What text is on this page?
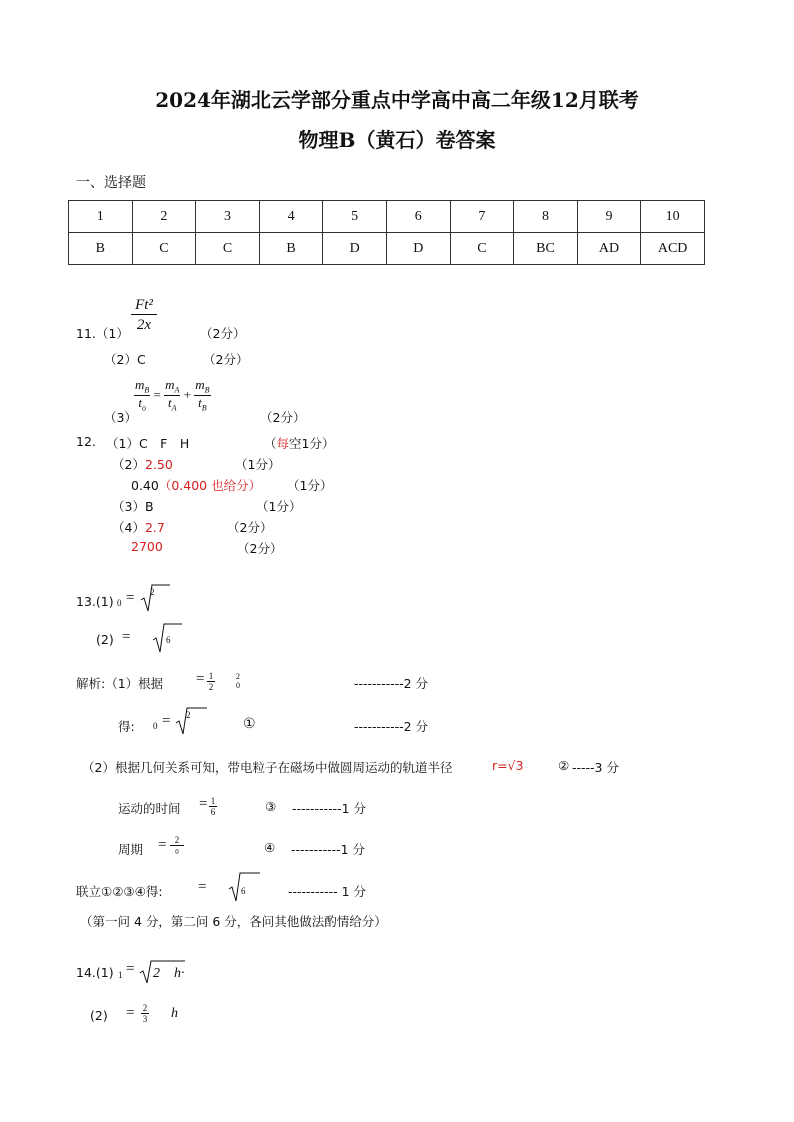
2024年湖北云学部分重点中学高中高二年级12月联考
物理B（黄石）卷答案
一、选择题
1	2	3	4	5	6	7	8	9	10
B	C	C	B	D	D	C	BC	AD	ACD
$\frac{\text{Ft²}}{2x}$
11.（1）	（2分）
（2）C	（2分）
$\frac{m_B}{t_o} = \frac{m_A}{t_A} + \frac{m_B}{t_B}$
（3）	（2分）
12. （1）C　F　H	（每空1分）
（2）2.50	（1分）
0.40（0.400 也给分） （1分）
（3）B	（1分）
（4）2.7	（2分）
2700	（2分）
13.(1) 0 = 2
(2) =	6
解析:（1）根据 = $\frac{1}{2}$	2
0	-----------2 分
得: 0 = 2
①	-----------2 分
（2）根据几何关系可知，带电粒子在磁场中做圆周运动的轨道半径	r=√3	② -----3 分
运动的时间 = $\frac{1}{6}$	③ -----------1 分
周期 = 2
0	④ -----------1 分
联立①②③④得: =	6	----------- 1 分
（第一问 4 分，第二问 6 分，各问其他做法酌情给分）
14.(1) 1 = 2　h·
$(2) = \frac{2}{3}$ h
